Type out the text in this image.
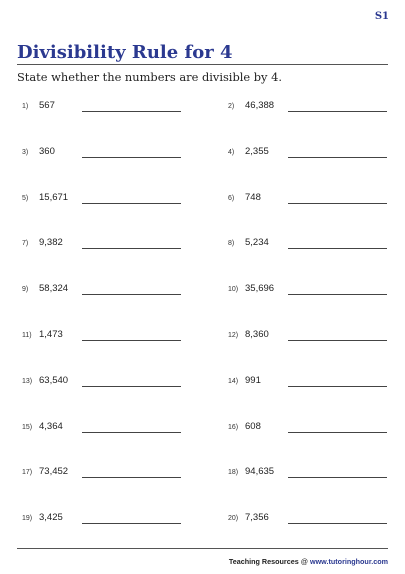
S1
Divisibility Rule for 4
State whether the numbers are divisible by 4.
1)	567	2)	46,388
3)	360	4)	2,355
5)	15,671	6)	748
7)	9,382	8)	5,234
9)	58,324	10) 35,696
11) 1,473	12) 8,360
13) 63,540	14) 991
15) 4,364	16) 608
17) 73,452	18) 94,635
19) 3,425	20) 7,356
Teaching Resources @ www.tutoringhour.com
